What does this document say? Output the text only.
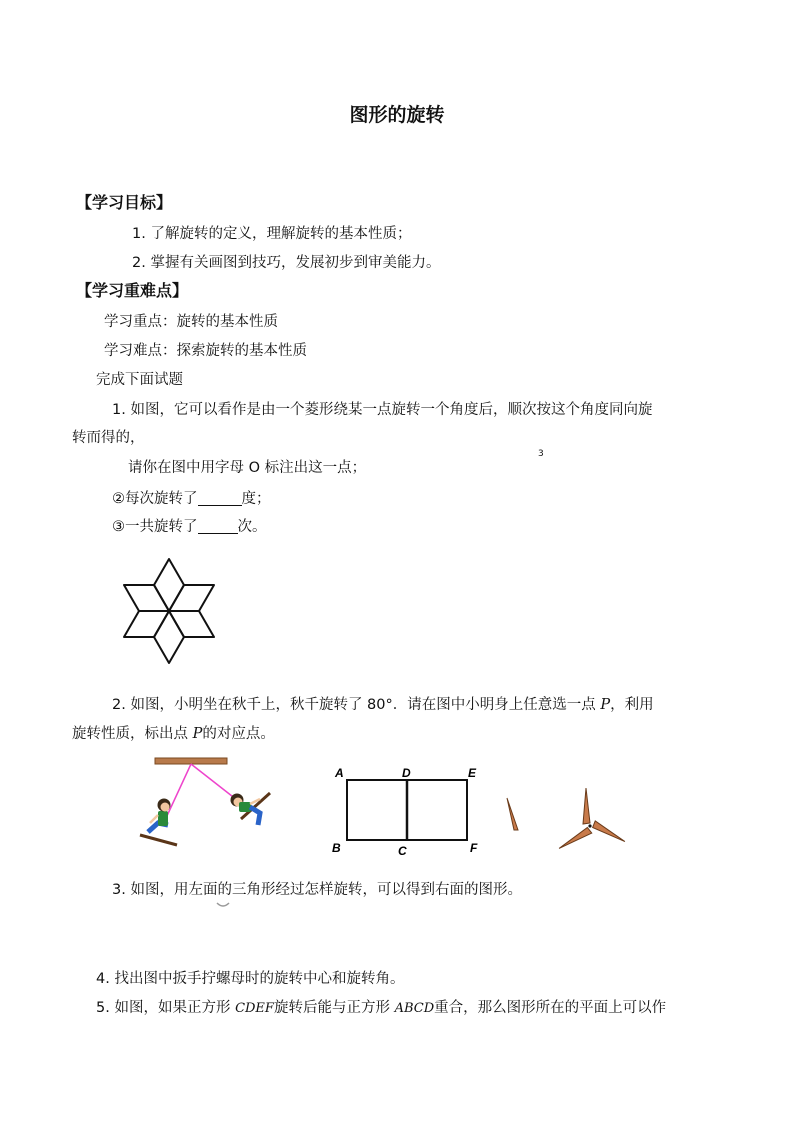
图形的旋转
【学习目标】
1. 了解旋转的定义，理解旋转的基本性质；
2. 掌握有关画图到技巧，发展初步到审美能力。
【学习重难点】
学习重点：旋转的基本性质
学习难点：探索旋转的基本性质
完成下面试题
1. 如图，它可以看作是由一个菱形绕某一点旋转一个角度后，顺次按这个角度同向旋
转而得的，
请你在图中用字母 O 标注出这一点；
3
②每次旋转了	度；
③一共旋转了	次。
2. 如图，小明坐在秋千上，秋千旋转了 80°．请在图中小明身上任意选一点 P，利用
旋转性质，标出点 P的对应点。
A	D	E
B	C	F
3. 如图，用左面的三角形经过怎样旋转，可以得到右面的图形。
4. 找出图中扳手拧螺母时的旋转中心和旋转角。
5. 如图，如果正方形 CDEF旋转后能与正方形 ABCD重合，那么图形所在的平面上可以作
